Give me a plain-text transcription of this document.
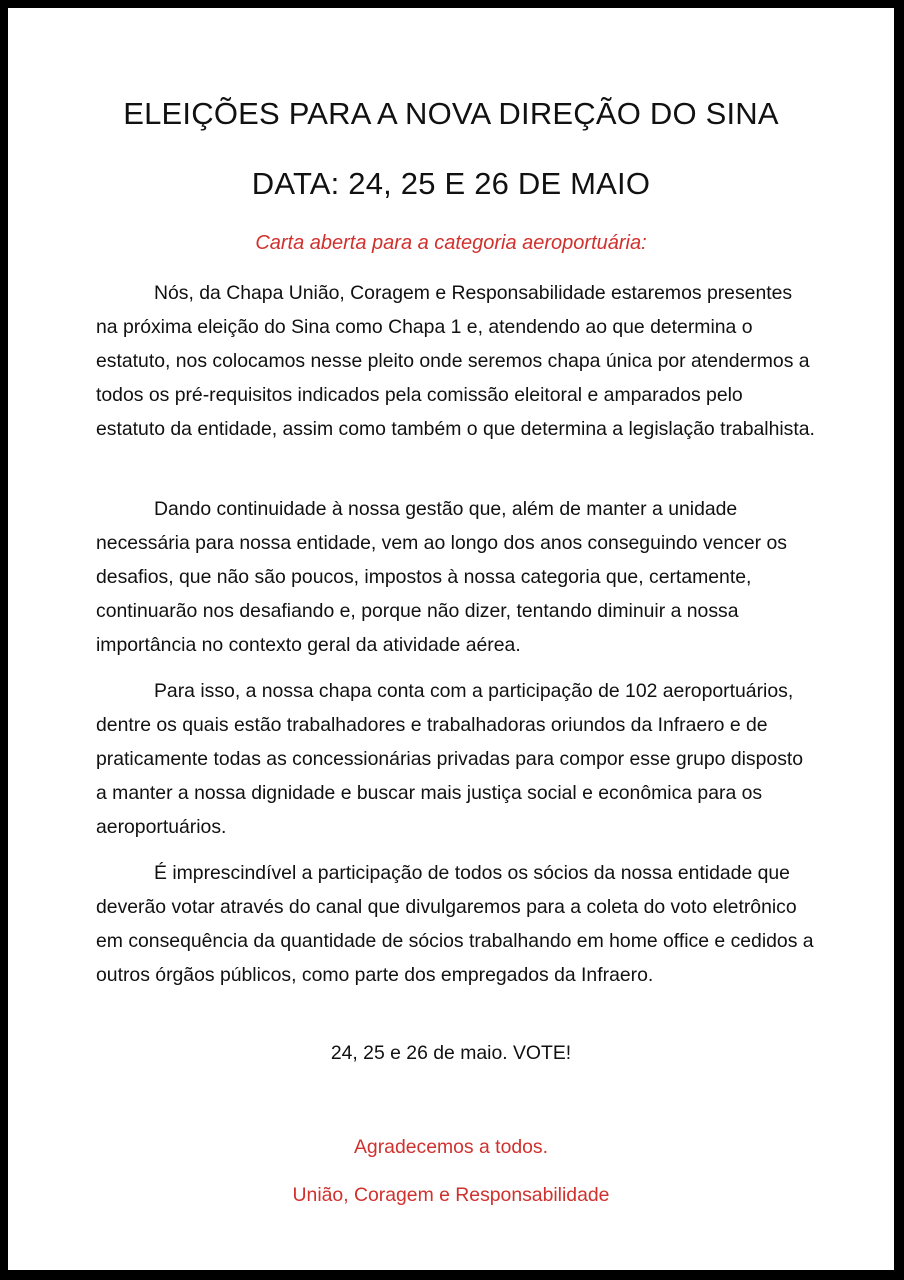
ELEIÇÕES PARA A NOVA DIREÇÃO DO SINA
DATA: 24, 25 E 26 DE MAIO
Carta aberta para a categoria aeroportuária:

Nós, da Chapa União, Coragem e Responsabilidade estaremos presentes na próxima eleição do Sina como Chapa 1 e, atendendo ao que determina o estatuto, nos colocamos nesse pleito onde seremos chapa única por atendermos a todos os pré-requisitos indicados pela comissão eleitoral e amparados pelo estatuto da entidade, assim como também o que determina a legislação trabalhista.

Dando continuidade à nossa gestão que, além de manter a unidade necessária para nossa entidade, vem ao longo dos anos conseguindo vencer os desafios, que não são poucos, impostos à nossa categoria que, certamente, continuarão nos desafiando e, porque não dizer, tentando diminuir a nossa importância no contexto geral da atividade aérea.

Para isso, a nossa chapa conta com a participação de 102 aeroportuários, dentre os quais estão trabalhadores e trabalhadoras oriundos da Infraero e de praticamente todas as concessionárias privadas para compor esse grupo disposto a manter a nossa dignidade e buscar mais justiça social e econômica para os aeroportuários.

É imprescindível a participação de todos os sócios da nossa entidade que deverão votar através do canal que divulgaremos para a coleta do voto eletrônico em consequência da quantidade de sócios trabalhando em home office e cedidos a outros órgãos públicos, como parte dos empregados da Infraero.

24, 25 e 26 de maio. VOTE!
Agradecemos a todos.
União, Coragem e Responsabilidade
